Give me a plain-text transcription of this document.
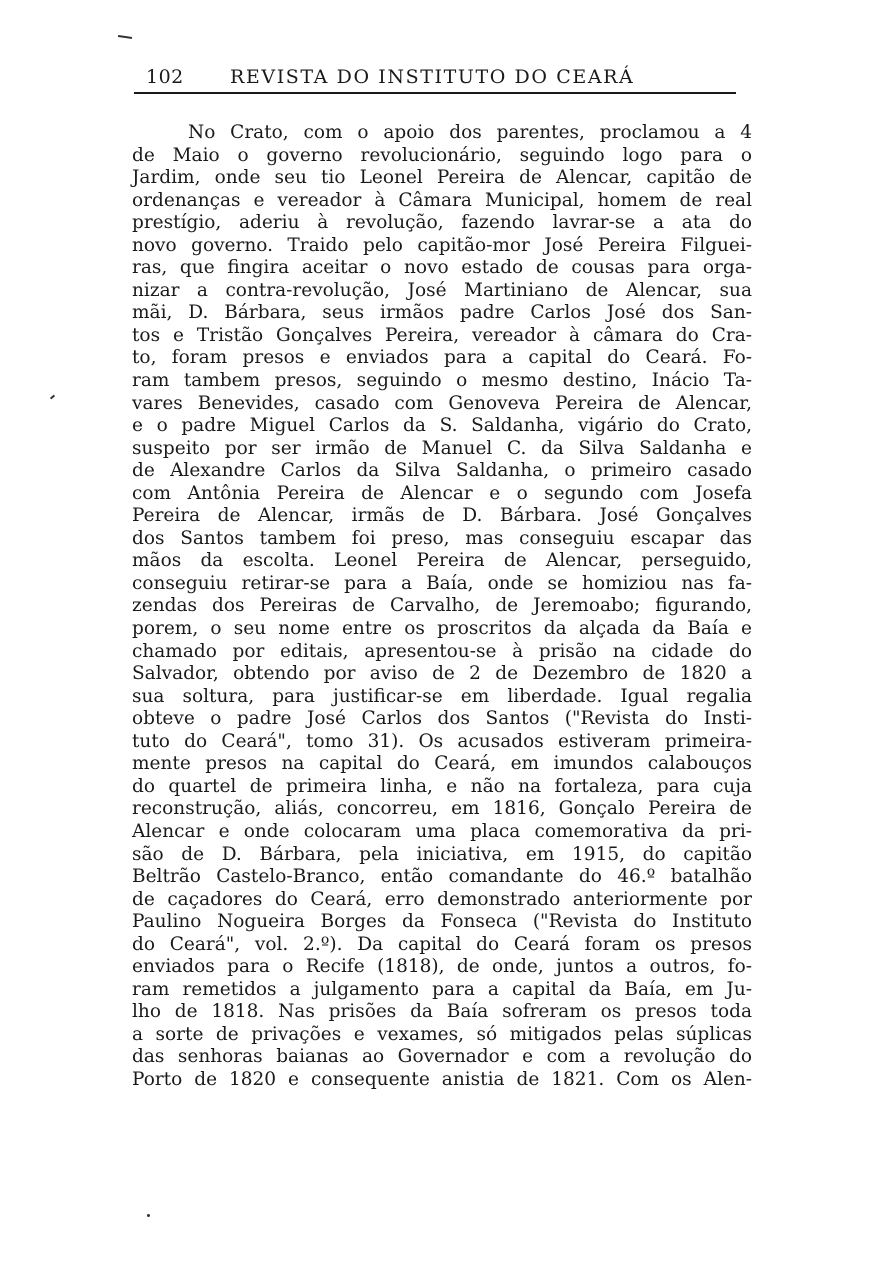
102 REVISTA DO INSTITUTO DO CEARÁ
No Crato, com o apoio dos parentes, proclamou a 4
de Maio o governo revolucionário, seguindo logo para o
Jardim, onde seu tio Leonel Pereira de Alencar, capitão de
ordenanças e vereador à Câmara Municipal, homem de real
prestígio, aderiu à revolução, fazendo lavrar-se a ata do
novo governo. Traido pelo capitão-mor José Pereira Filguei-
ras, que fingira aceitar o novo estado de cousas para orga-
nizar a contra-revolução, José Martiniano de Alencar, sua
mãi, D. Bárbara, seus irmãos padre Carlos José dos San-
tos e Tristão Gonçalves Pereira, vereador à câmara do Cra-
to, foram presos e enviados para a capital do Ceará. Fo-
ram tambem presos, seguindo o mesmo destino, Inácio Ta-
vares Benevides, casado com Genoveva Pereira de Alencar,
e o padre Miguel Carlos da S. Saldanha, vigário do Crato,
suspeito por ser irmão de Manuel C. da Silva Saldanha e
de Alexandre Carlos da Silva Saldanha, o primeiro casado
com Antônia Pereira de Alencar e o segundo com Josefa
Pereira de Alencar, irmãs de D. Bárbara. José Gonçalves
dos Santos tambem foi preso, mas conseguiu escapar das
mãos da escolta. Leonel Pereira de Alencar, perseguido,
conseguiu retirar-se para a Baía, onde se homiziou nas fa-
zendas dos Pereiras de Carvalho, de Jeremoabo; figurando,
porem, o seu nome entre os proscritos da alçada da Baía e
chamado por editais, apresentou-se à prisão na cidade do
Salvador, obtendo por aviso de 2 de Dezembro de 1820 a
sua soltura, para justificar-se em liberdade. Igual regalia
obteve o padre José Carlos dos Santos ("Revista do Insti-
tuto do Ceará", tomo 31). Os acusados estiveram primeira-
mente presos na capital do Ceará, em imundos calabouços
do quartel de primeira linha, e não na fortaleza, para cuja
reconstrução, aliás, concorreu, em 1816, Gonçalo Pereira de
Alencar e onde colocaram uma placa comemorativa da pri-
são de D. Bárbara, pela iniciativa, em 1915, do capitão
Beltrão Castelo-Branco, então comandante do 46.º batalhão
de caçadores do Ceará, erro demonstrado anteriormente por
Paulino Nogueira Borges da Fonseca ("Revista do Instituto
do Ceará", vol. 2.º). Da capital do Ceará foram os presos
enviados para o Recife (1818), de onde, juntos a outros, fo-
ram remetidos a julgamento para a capital da Baía, em Ju-
lho de 1818. Nas prisões da Baía sofreram os presos toda
a sorte de privações e vexames, só mitigados pelas súplicas
das senhoras baianas ao Governador e com a revolução do
Porto de 1820 e consequente anistia de 1821. Com os Alen-
